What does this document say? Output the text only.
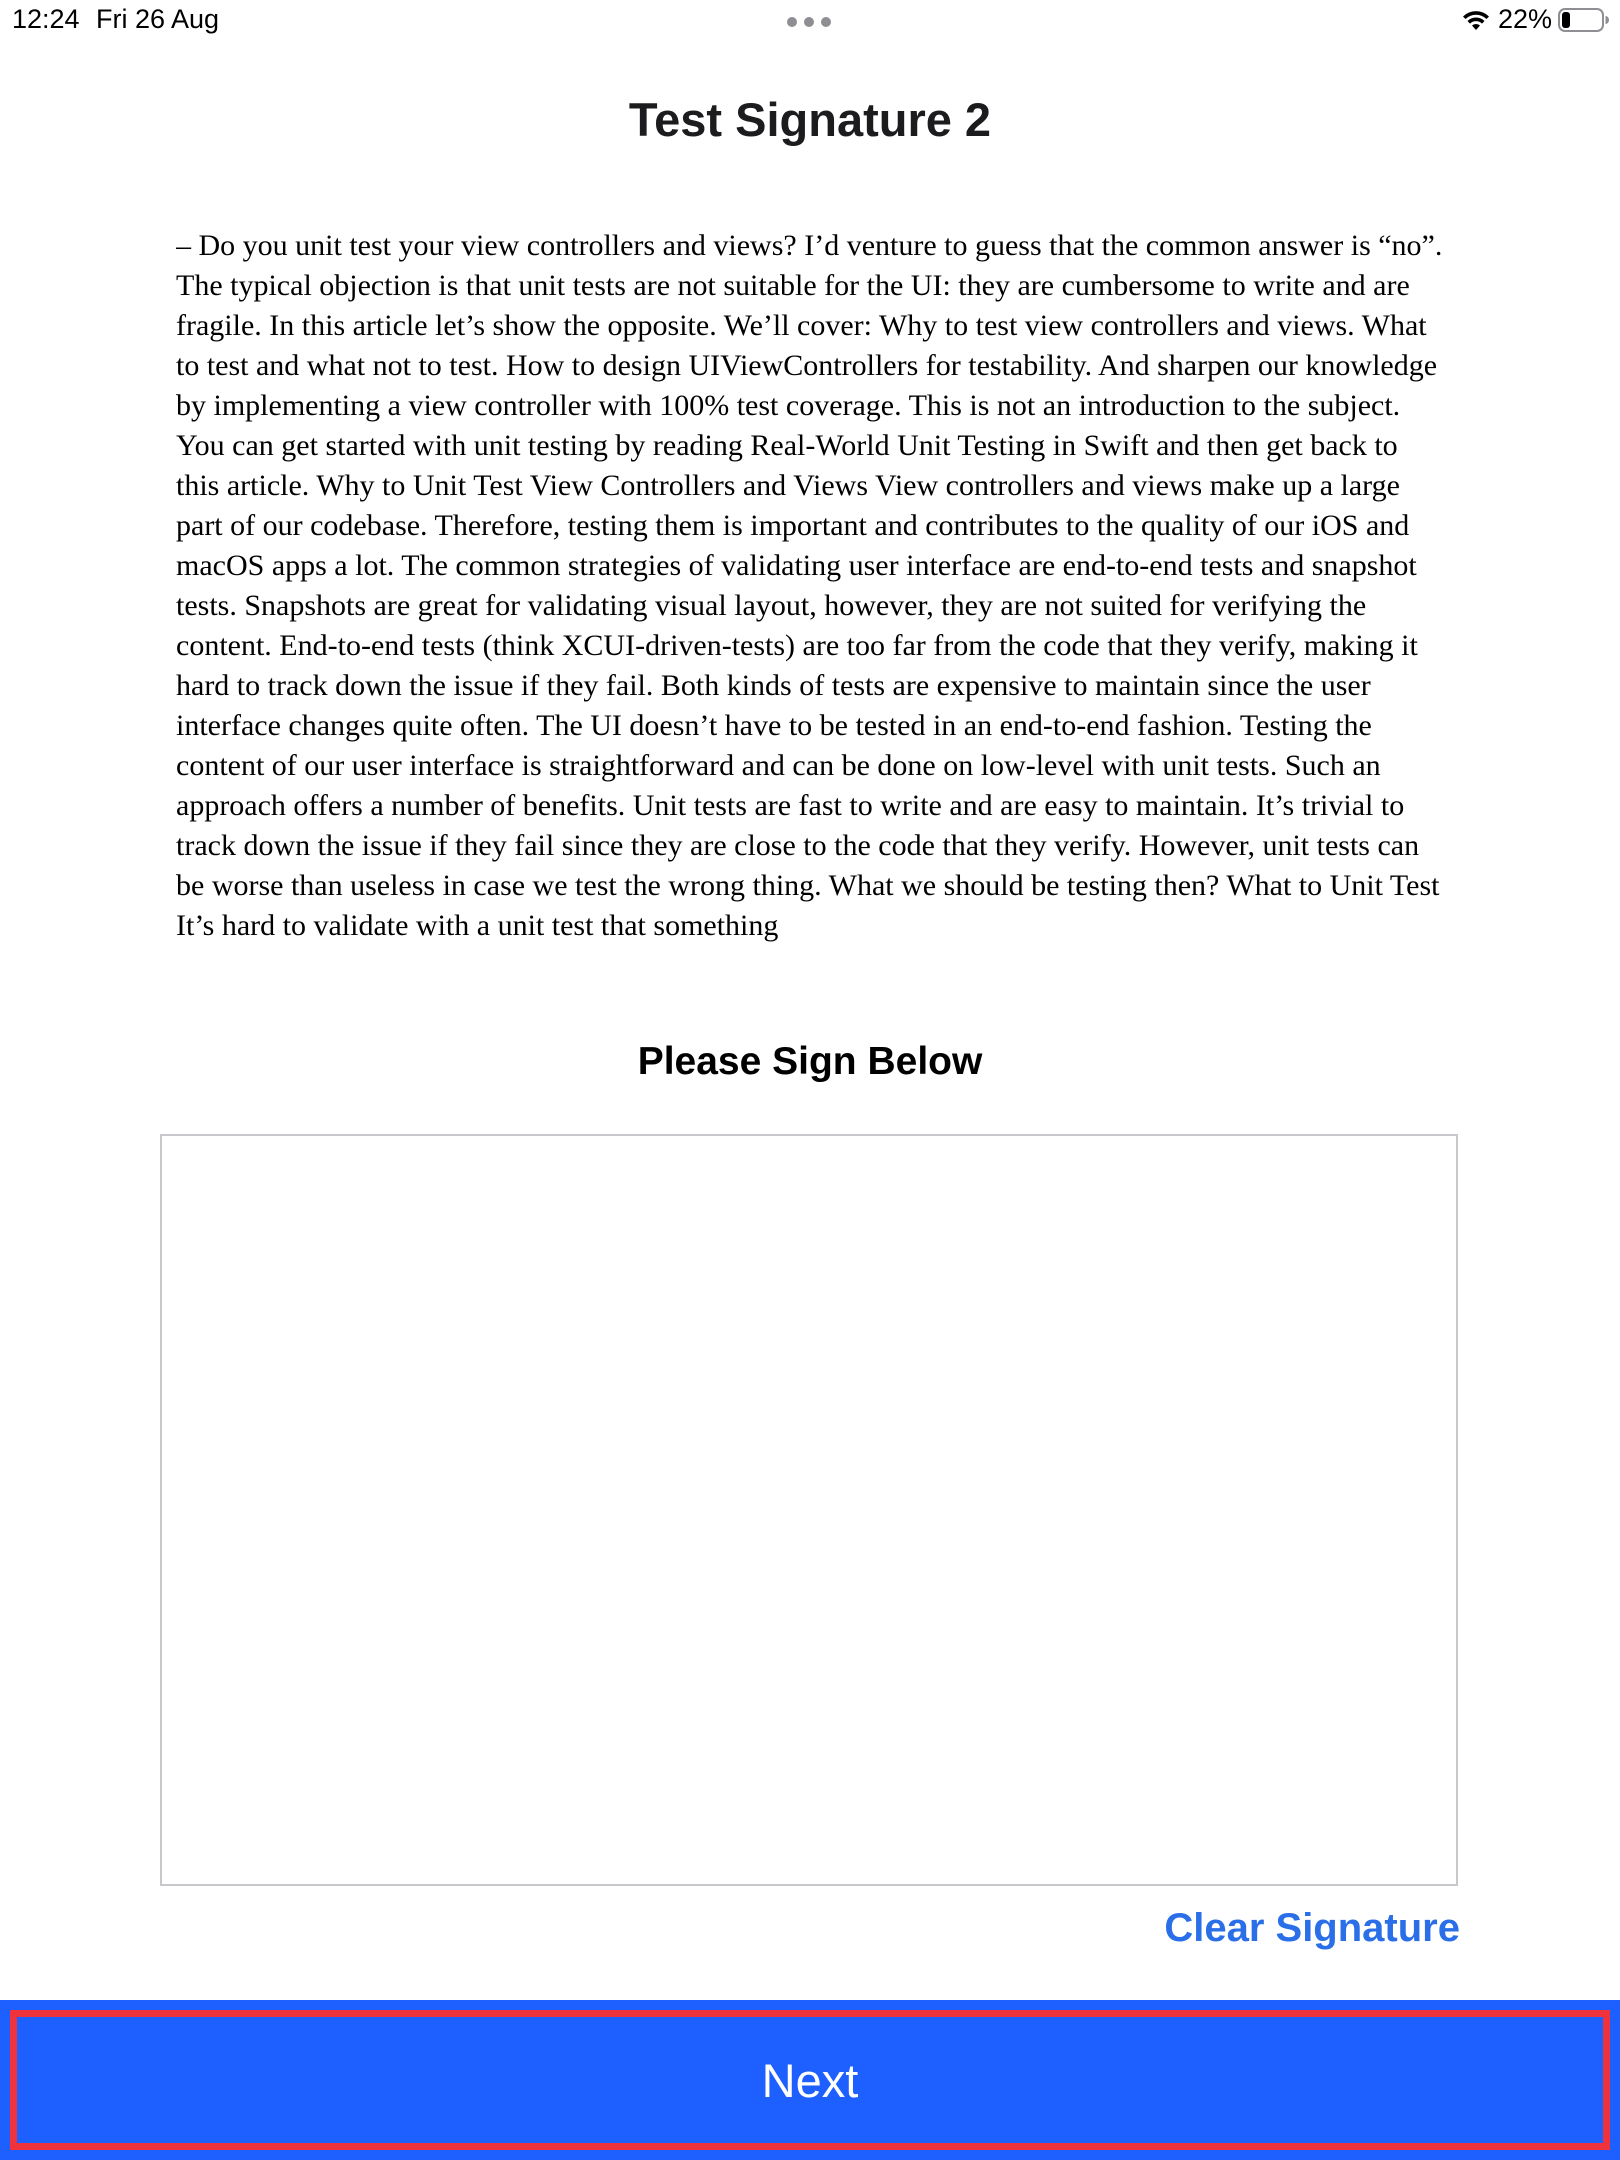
12:24 Fri 26 Aug	22%
Test Signature 2

– Do you unit test your view controllers and views? I’d venture to guess that the common answer is “no”. The typical objection is that unit tests are not suitable for the UI: they are cumbersome to write and are fragile. In this article let’s show the opposite. We’ll cover: Why to test view controllers and views. What to test and what not to test. How to design UIViewControllers for testability. And sharpen our knowledge by implementing a view controller with 100% test coverage. This is not an introduction to the subject. You can get started with unit testing by reading Real-World Unit Testing in Swift and then get back to this article. Why to Unit Test View Controllers and Views View controllers and views make up a large part of our codebase. Therefore, testing them is important and contributes to the quality of our iOS and macOS apps a lot. The common strategies of validating user interface are end-to-end tests and snapshot tests. Snapshots are great for validating visual layout, however, they are not suited for verifying the content. End-to-end tests (think XCUI-driven-tests) are too far from the code that they verify, making it hard to track down the issue if they fail. Both kinds of tests are expensive to maintain since the user interface changes quite often. The UI doesn’t have to be tested in an end-to-end fashion. Testing the content of our user interface is straightforward and can be done on low-level with unit tests. Such an approach offers a number of benefits. Unit tests are fast to write and are easy to maintain. It’s trivial to track down the issue if they fail since they are close to the code that they verify. However, unit tests can be worse than useless in case we test the wrong thing. What we should be testing then? What to Unit Test It’s hard to validate with a unit test that something

Please Sign Below
Clear Signature
Next
